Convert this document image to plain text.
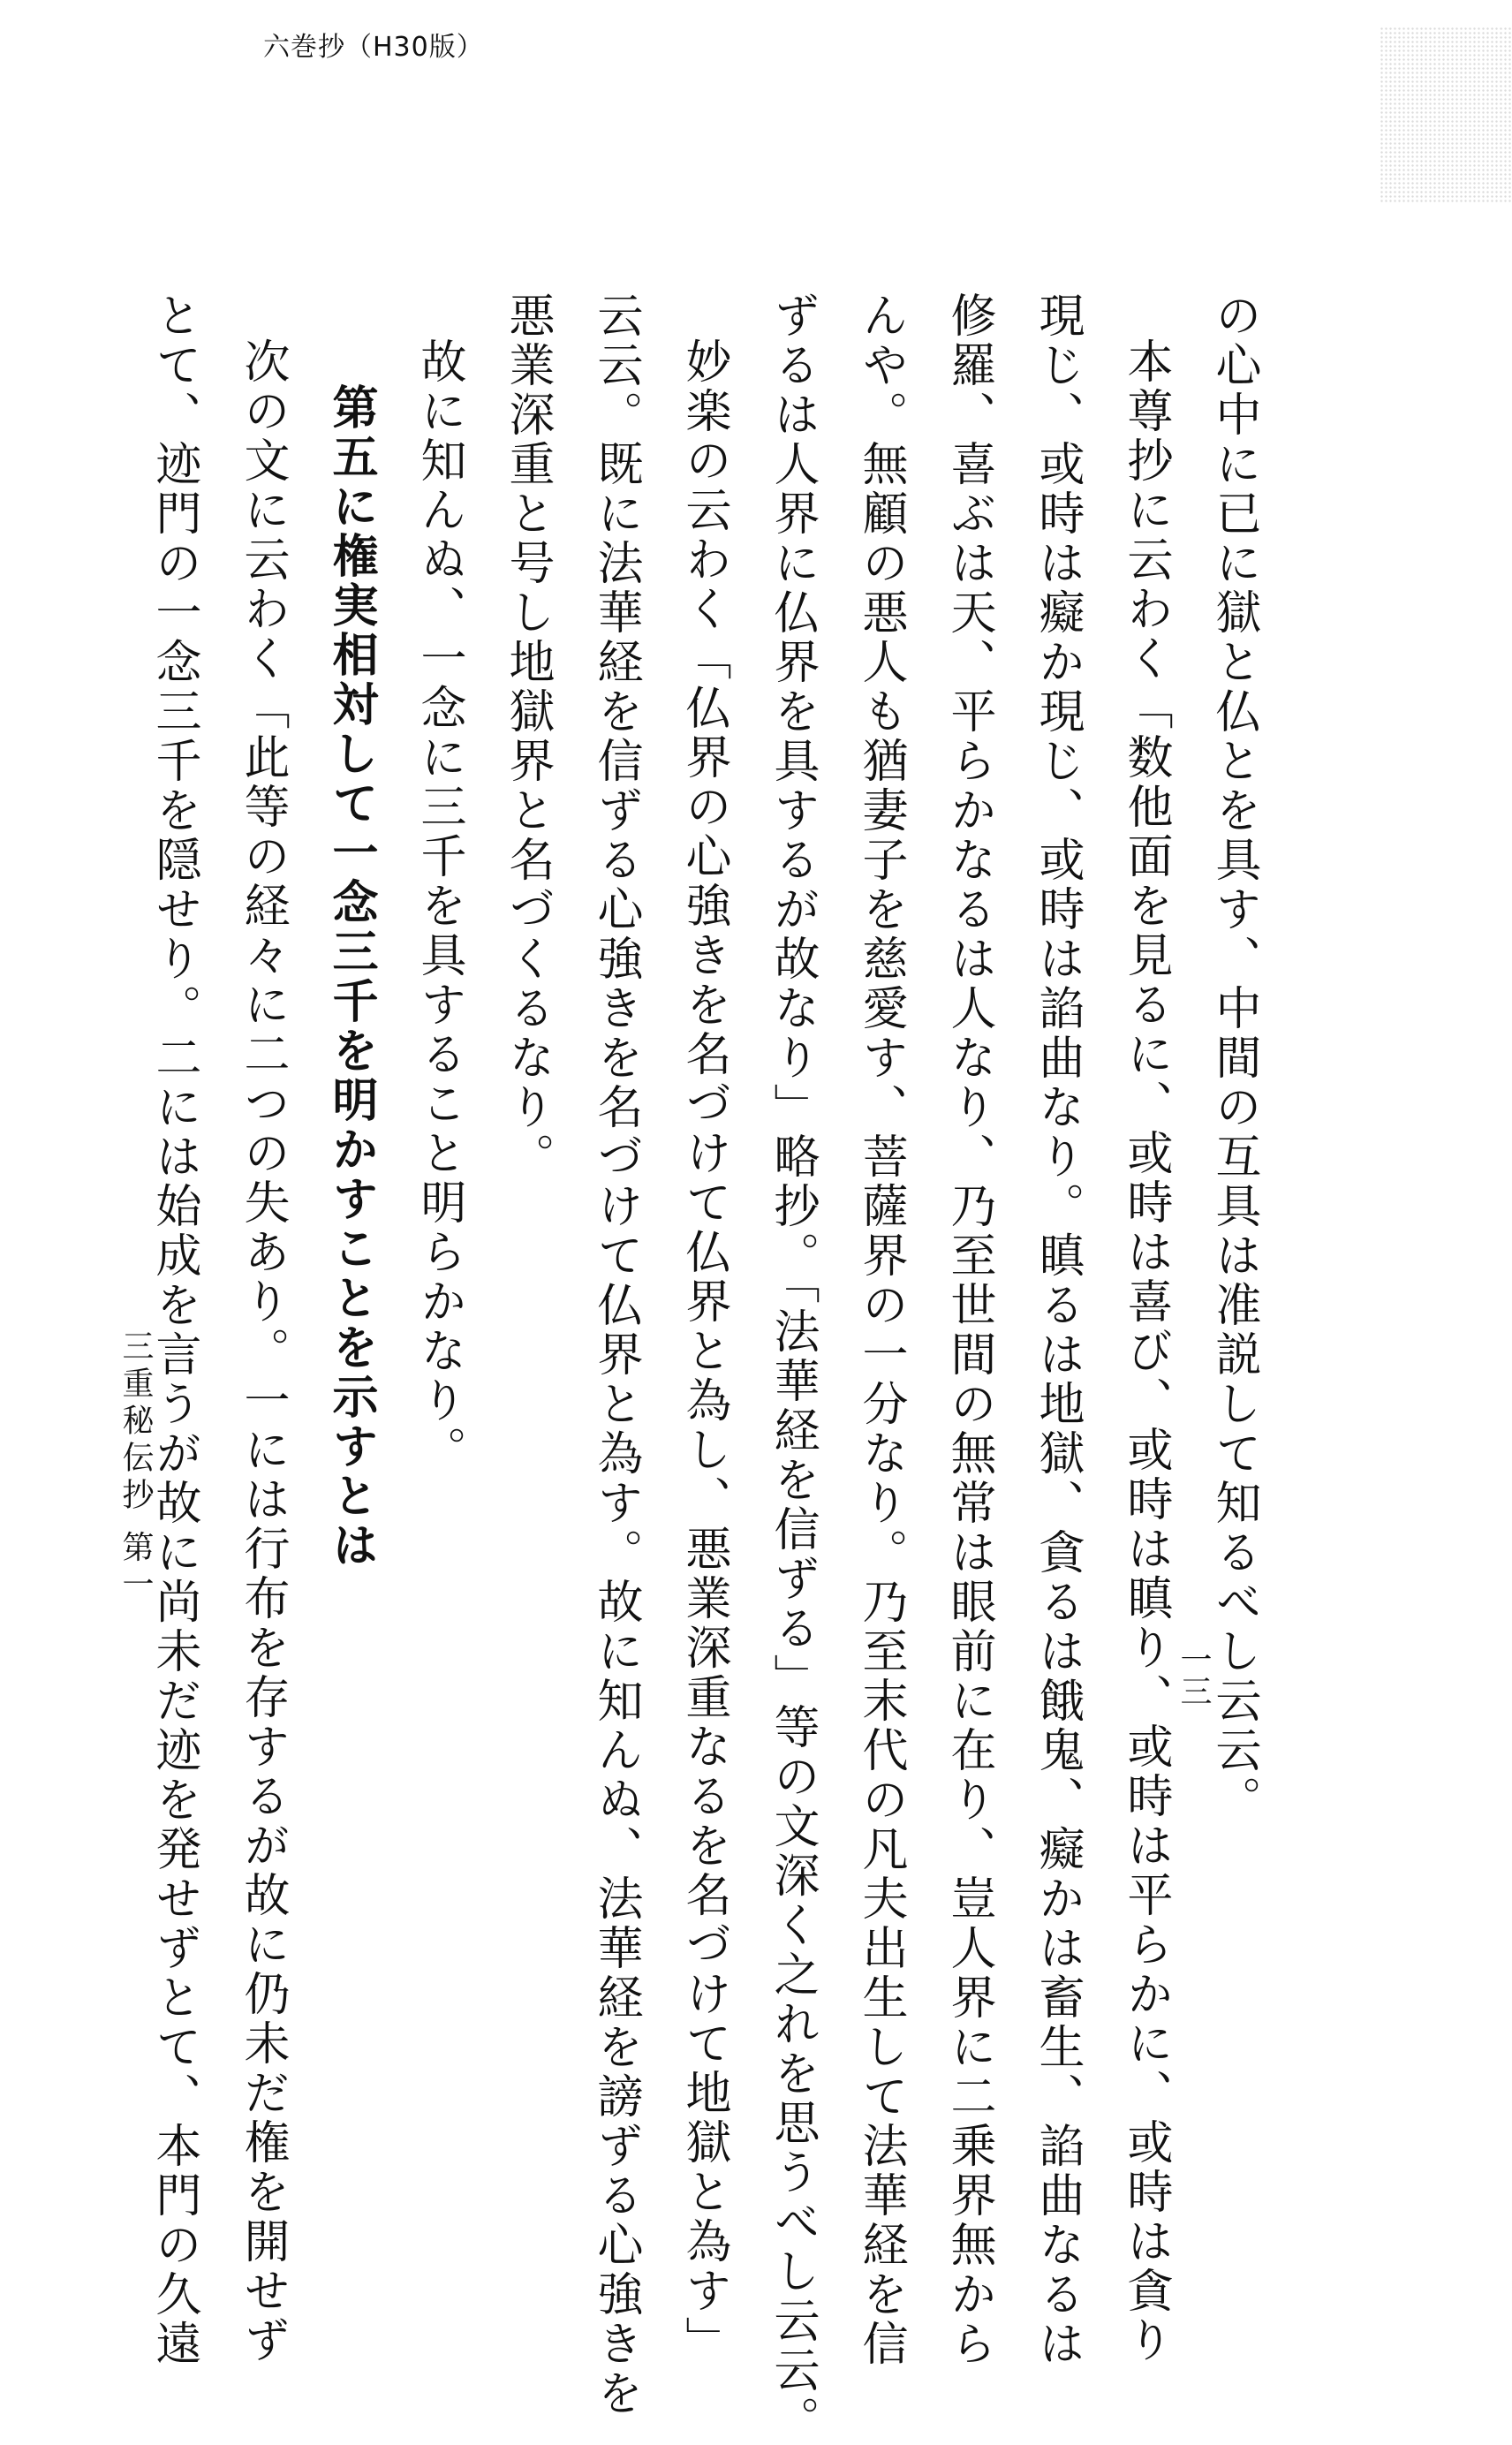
六巻抄（H30版）
の心中に已に獄と仏とを具す、中間の互具は准説して知るべし云云。
本尊抄に云わく「数他面を見るに、或時は喜び、或時は瞋り、或時は平らかに、或時は貪り
現じ、或時は癡か現じ、或時は諂曲なり。瞋るは地獄、貪るは餓鬼、癡かは畜生、諂曲なるは
修羅、喜ぶは天、平らかなるは人なり、乃至世間の無常は眼前に在り、豈人界に二乗界無から
んや。無顧の悪人も猶妻子を慈愛す、菩薩界の一分なり。乃至末代の凡夫出生して法華経を信
ずるは人界に仏界を具するが故なり」略抄。「法華経を信ずる」等の文深く之れを思うべし云云。
妙楽の云わく「仏界の心強きを名づけて仏界と為し、悪業深重なるを名づけて地獄と為す」
云云。既に法華経を信ずる心強きを名づけて仏界と為す。故に知んぬ、法華経を謗ずる心強きを
悪業深重と号し地獄界と名づくるなり。
故に知んぬ、一念に三千を具すること明らかなり。
第五に権実相対して一念三千を明かすことを示すとは
次の文に云わく「此等の経々に二つの失あり。一には行布を存するが故に仍未だ権を開せず
とて、迹門の一念三千を隠せり。二には始成を言うが故に尚未だ迹を発せずとて、本門の久遠
三重秘伝抄 第一
一三
